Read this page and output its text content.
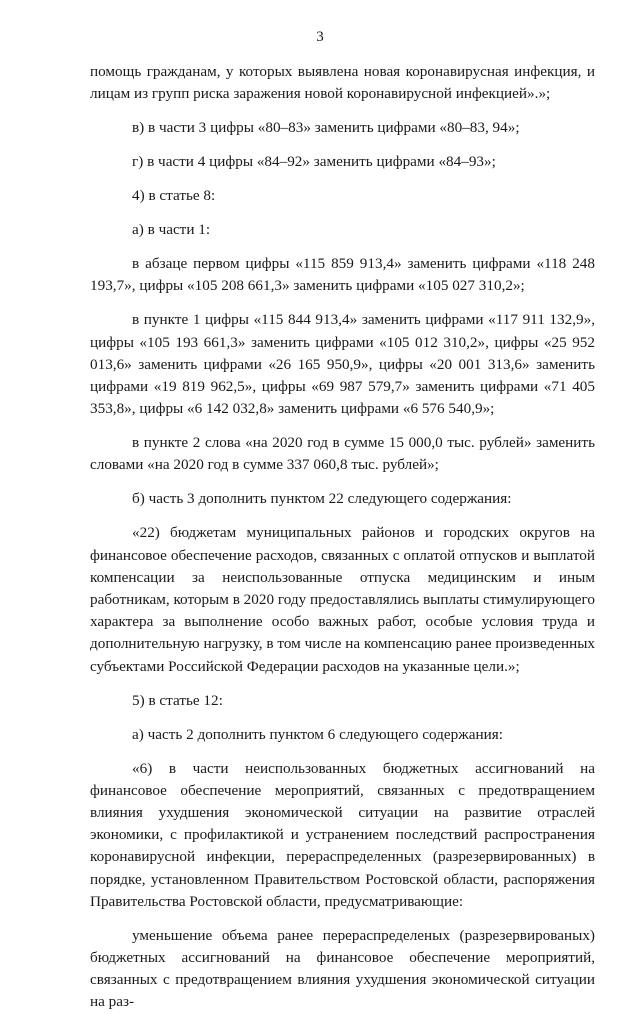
3

помощь гражданам, у которых выявлена новая коронавирусная инфекция, и лицам из групп риска заражения новой коронавирусной инфекцией».»;

в) в части 3 цифры «80–83» заменить цифрами «80–83, 94»;

г) в части 4 цифры «84–92» заменить цифрами «84–93»;

4) в статье 8:

а) в части 1:

в абзаце первом цифры «115 859 913,4» заменить цифрами «118 248 193,7», цифры «105 208 661,3» заменить цифрами «105 027 310,2»;

в пункте 1 цифры «115 844 913,4» заменить цифрами «117 911 132,9», цифры «105 193 661,3» заменить цифрами «105 012 310,2», цифры «25 952 013,6» заменить цифрами «26 165 950,9», цифры «20 001 313,6» заменить цифрами «19 819 962,5», цифры «69 987 579,7» заменить цифрами «71 405 353,8», цифры «6 142 032,8» заменить цифрами «6 576 540,9»;

в пункте 2 слова «на 2020 год в сумме 15 000,0 тыс. рублей» заменить словами «на 2020 год в сумме 337 060,8 тыс. рублей»;

б) часть 3 дополнить пунктом 22 следующего содержания:

«22) бюджетам муниципальных районов и городских округов на финансовое обеспечение расходов, связанных с оплатой отпусков и выплатой компенсации за неиспользованные отпуска медицинским и иным работникам, которым в 2020 году предоставлялись выплаты стимулирующего характера за выполнение особо важных работ, особые условия труда и дополнительную нагрузку, в том числе на компенсацию ранее произведенных субъектами Российской Федерации расходов на указанные цели.»;

5) в статье 12:

а) часть 2 дополнить пунктом 6 следующего содержания:

«6) в части неиспользованных бюджетных ассигнований на финансовое обеспечение мероприятий, связанных с предотвращением влияния ухудшения экономической ситуации на развитие отраслей экономики, с профилактикой и устранением последствий распространения коронавирусной инфекции, перераспределенных (разрезервированных) в порядке, установленном Правительством Ростовской области, распоряжения Правительства Ростовской области, предусматривающие:

уменьшение объема ранее перераспределеных (разрезервированых) бюджетных ассигнований на финансовое обеспечение мероприятий, связанных с предотвращением влияния ухудшения экономической ситуации на раз-
